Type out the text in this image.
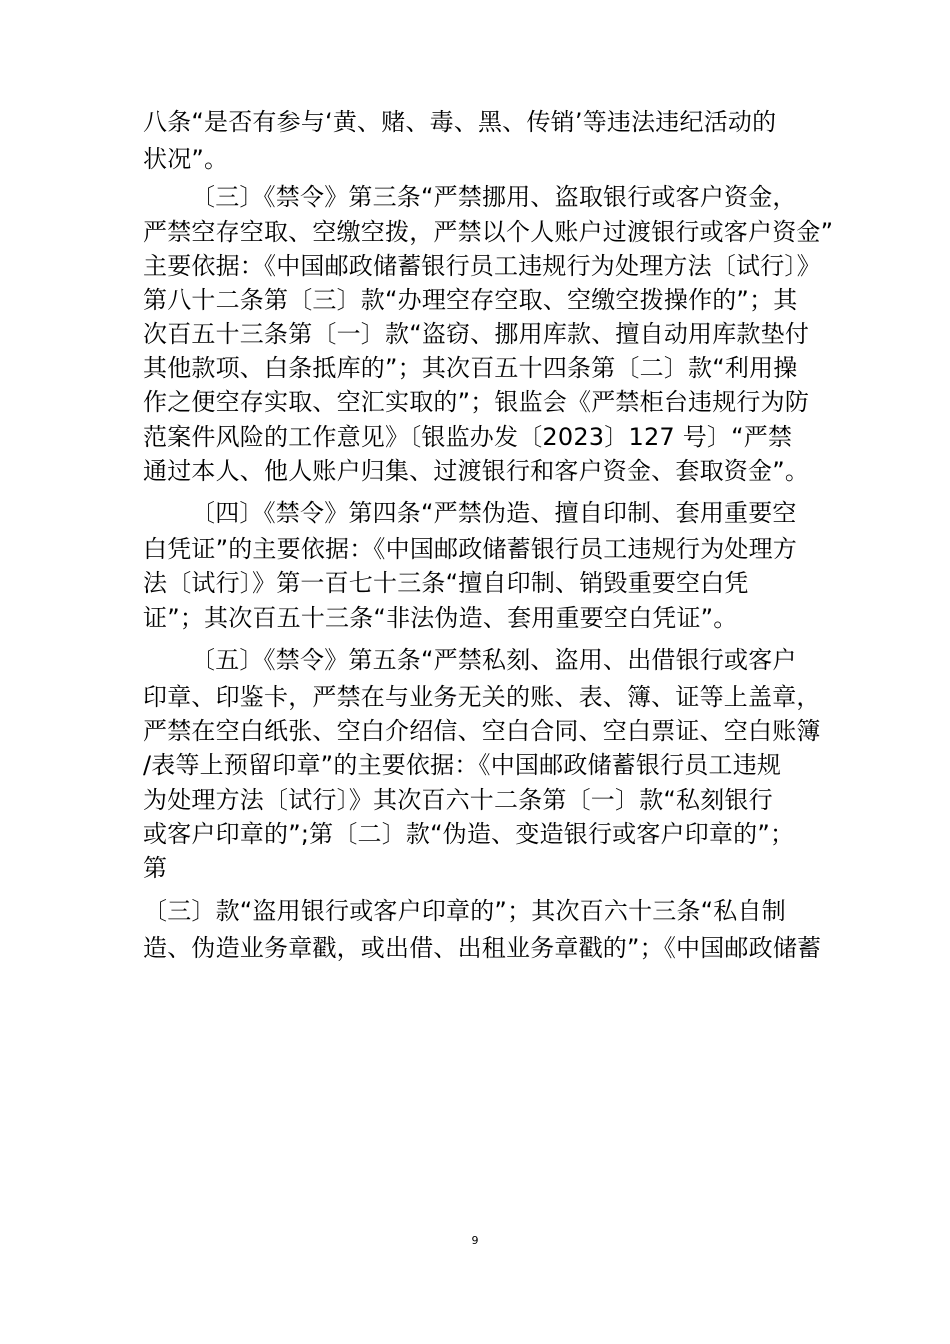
八条“是否有参与‘黄、赌、毒、黑、传销’等违法违纪活动的
状况”。
〔三〕《禁令》第三条“严禁挪用、盗取银行或客户资金，
严禁空存空取、空缴空拨，严禁以个人账户过渡银行或客户资金”
主要依据：《中国邮政储蓄银行员工违规行为处理方法〔试行〕》
第八十二条第〔三〕款“办理空存空取、空缴空拨操作的”；其
次百五十三条第〔一〕款“盗窃、挪用库款、擅自动用库款垫付
其他款项、白条抵库的”；其次百五十四条第〔二〕款“利用操
作之便空存实取、空汇实取的”；银监会《严禁柜台违规行为防
范案件风险的工作意见》〔银监办发〔2023〕127 号〕“严禁
通过本人、他人账户归集、过渡银行和客户资金、套取资金”。
〔四〕《禁令》第四条“严禁伪造、擅自印制、套用重要空
白凭证”的主要依据：《中国邮政储蓄银行员工违规行为处理方
法〔试行〕》第一百七十三条“擅自印制、销毁重要空白凭
证”；其次百五十三条“非法伪造、套用重要空白凭证”。
〔五〕《禁令》第五条“严禁私刻、盗用、出借银行或客户
印章、印鉴卡，严禁在与业务无关的账、表、簿、证等上盖章，
严禁在空白纸张、空白介绍信、空白合同、空白票证、空白账簿
/表等上预留印章”的主要依据：《中国邮政储蓄银行员工违规
为处理方法〔试行〕》其次百六十二条第〔一〕款“私刻银行
或客户印章的”;第〔二〕款“伪造、变造银行或客户印章的”；
第
〔三〕款“盗用银行或客户印章的”；其次百六十三条“私自制
造、伪造业务章戳，或出借、出租业务章戳的”；《中国邮政储蓄
9
